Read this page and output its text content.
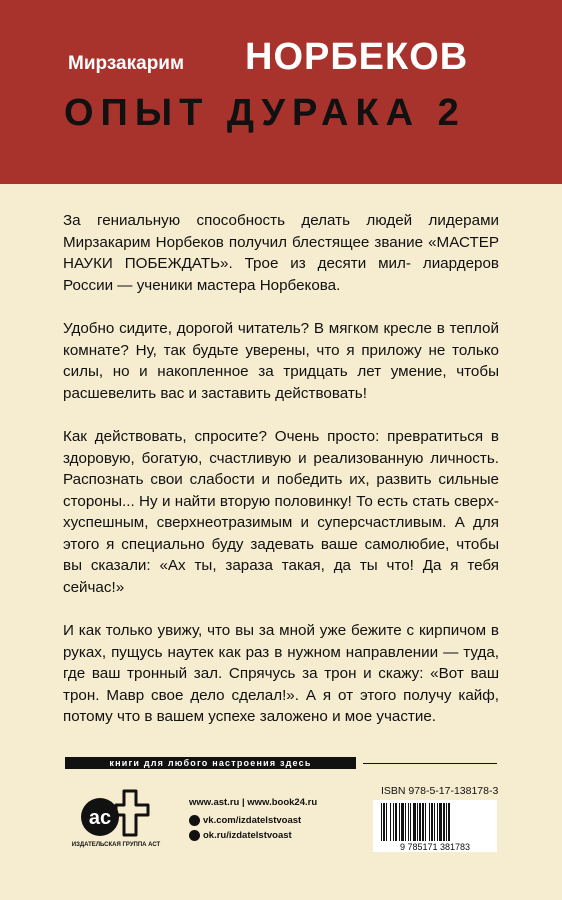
Мирзакарим НОРБЕКОВ
ОПЫТ ДУРАКА 2

За гениальную способность делать людей лидерами Мирзакарим Норбеков получил блестящее звание «МАСТЕР НАУКИ ПОБЕЖДАТЬ». Трое из десяти мил- лиардеров России — ученики мастера Норбекова.

Удобно сидите, дорогой читатель? В мягком кресле в теплой комнате? Ну, так будьте уверены, что я приложу не только силы, но и накопленное за тридцать лет умение, чтобы расшевелить вас и заставить действовать!

Как действовать, спросите? Очень просто: превратиться в здоровую, богатую, счастливую и реализованную личность. Распознать свои слабости и победить их, развить сильные стороны... Ну и найти вторую половинку! То есть стать сверх- хуспешным, сверхнеотразимым и суперсчастливым. А для этого я специально буду задевать ваше самолюбие, чтобы вы сказали: «Ах ты, зараза такая, да ты что! Да я тебя сейчас!»

И как только увижу, что вы за мной уже бежите с кирпичом в руках, пущусь наутек как раз в нужном направлении — туда, где ваш тронный зал. Спрячусь за трон и скажу: «Вот ваш трон. Мавр свое дело сделал!». А я от этого получу кайф, потому что в вашем успехе заложено и мое участие.

книги для любого настроения здесь
ас
ИЗДАТЕЛЬСКАЯ ГРУППА АСТ
www.ast.ru | www.book24.ru
vk.com/izdatelstvoast
ok.ru/izdatelstvoast
ISBN 978-5-17-138178-3
9 785171 381783
